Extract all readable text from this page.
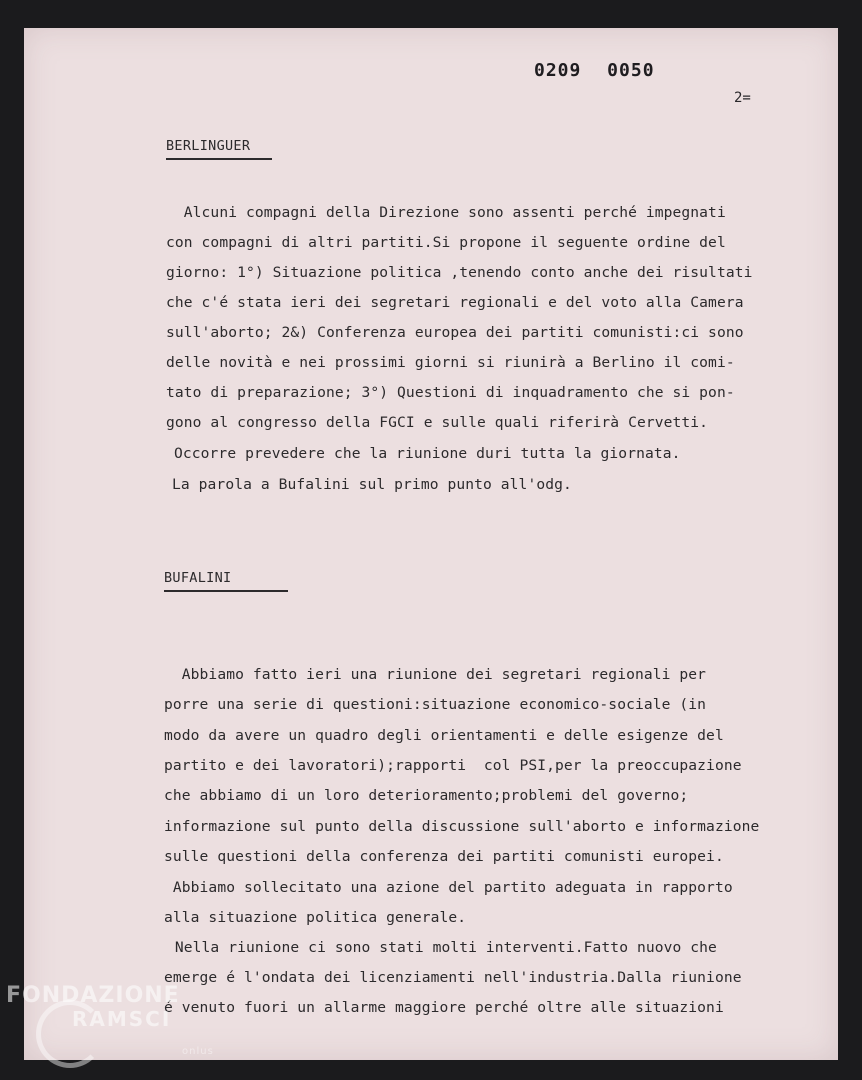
0209 0050
2=
BERLINGUER
Alcuni compagni della Direzione sono assenti perché impegnati
con compagni di altri partiti.Si propone il seguente ordine del
giorno: 1°) Situazione politica ,tenendo conto anche dei risultati
che c'é stata ieri dei segretari regionali e del voto alla Camera
sull'aborto; 2&) Conferenza europea dei partiti comunisti:ci sono
delle novità e nei prossimi giorni si riunirà a Berlino il comi-
tato di preparazione; 3°) Questioni di inquadramento che si pon-
gono al congresso della FGCI e sulle quali riferirà Cervetti.
Occorre prevedere che la riunione duri tutta la giornata.
La parola a Bufalini sul primo punto all'odg.
BUFALINI
Abbiamo fatto ieri una riunione dei segretari regionali per
porre una serie di questioni:situazione economico-sociale (in
modo da avere un quadro degli orientamenti e delle esigenze del
partito e dei lavoratori);rapporti  col PSI,per la preoccupazione
che abbiamo di un loro deterioramento;problemi del governo;
informazione sul punto della discussione sull'aborto e informazione
sulle questioni della conferenza dei partiti comunisti europei.
Abbiamo sollecitato una azione del partito adeguata in rapporto
alla situazione politica generale.
Nella riunione ci sono stati molti interventi.Fatto nuovo che
emerge é l'ondata dei licenziamenti nell'industria.Dalla riunione
é venuto fuori un allarme maggiore perché oltre alle situazioni
FONDAZIONE
RAMSCI
onlus
